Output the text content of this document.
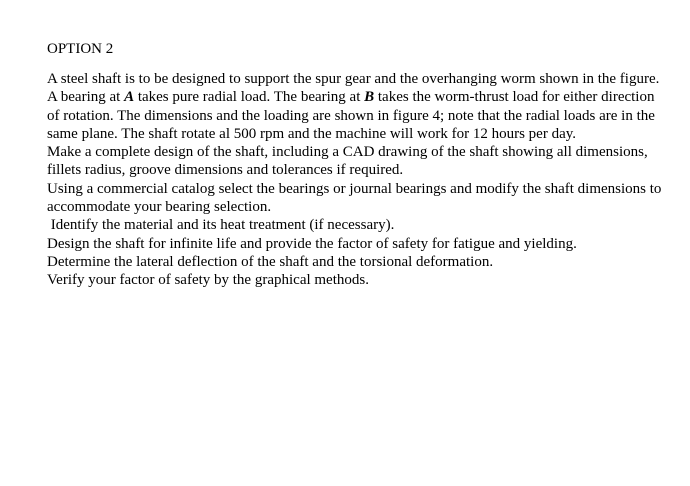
OPTION 2

A steel shaft is to be designed to support the spur gear and the overhanging worm shown in the figure. A bearing at A takes pure radial load. The bearing at B takes the worm-thrust load for either direction of rotation. The dimensions and the loading are shown in figure 4; note that the radial loads are in the same plane. The shaft rotate al 500 rpm and the machine will work for 12 hours per day.

Make a complete design of the shaft, including a CAD drawing of the shaft showing all dimensions, fillets radius, groove dimensions and tolerances if required.

Using a commercial catalog select the bearings or journal bearings and modify the shaft dimensions to accommodate your bearing selection.

Identify the material and its heat treatment (if necessary).

Design the shaft for infinite life and provide the factor of safety for fatigue and yielding.

Determine the lateral deflection of the shaft and the torsional deformation.

Verify your factor of safety by the graphical methods.
